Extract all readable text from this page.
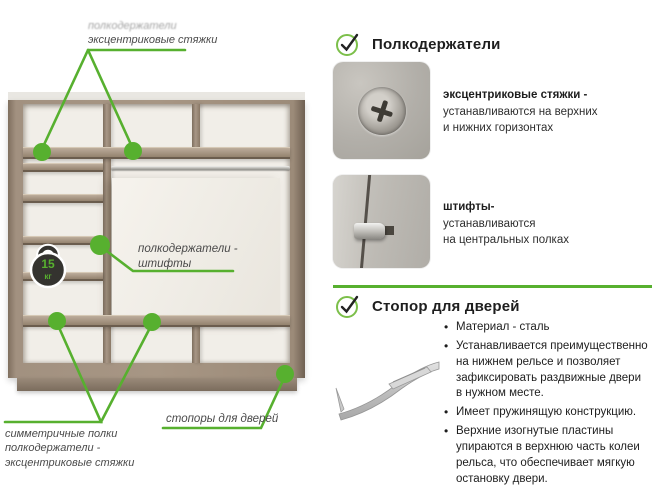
15
кг
полкодержатели
эксцентриковые стяжки
полкодержатели -
штифты
симметричные полки
полкодержатели -
эксцентриковые стяжки
стопоры для дверей
Полкодержатели
эксцентриковые стяжки -
устанавливаются на верхних
и нижних горизонтах
штифты-
устанавливаются
на центральных полках
Стопор для дверей
• Материал - сталь
• Устанавливается преимущественно на нижнем рельсе и позволяет зафиксировать раздвижные двери в нужном месте.
• Имеет пружинящую конструкцию.
• Верхние изогнутые пластины упираются в верхнюю часть колеи рельса, что обеспечивает мягкую остановку двери.
